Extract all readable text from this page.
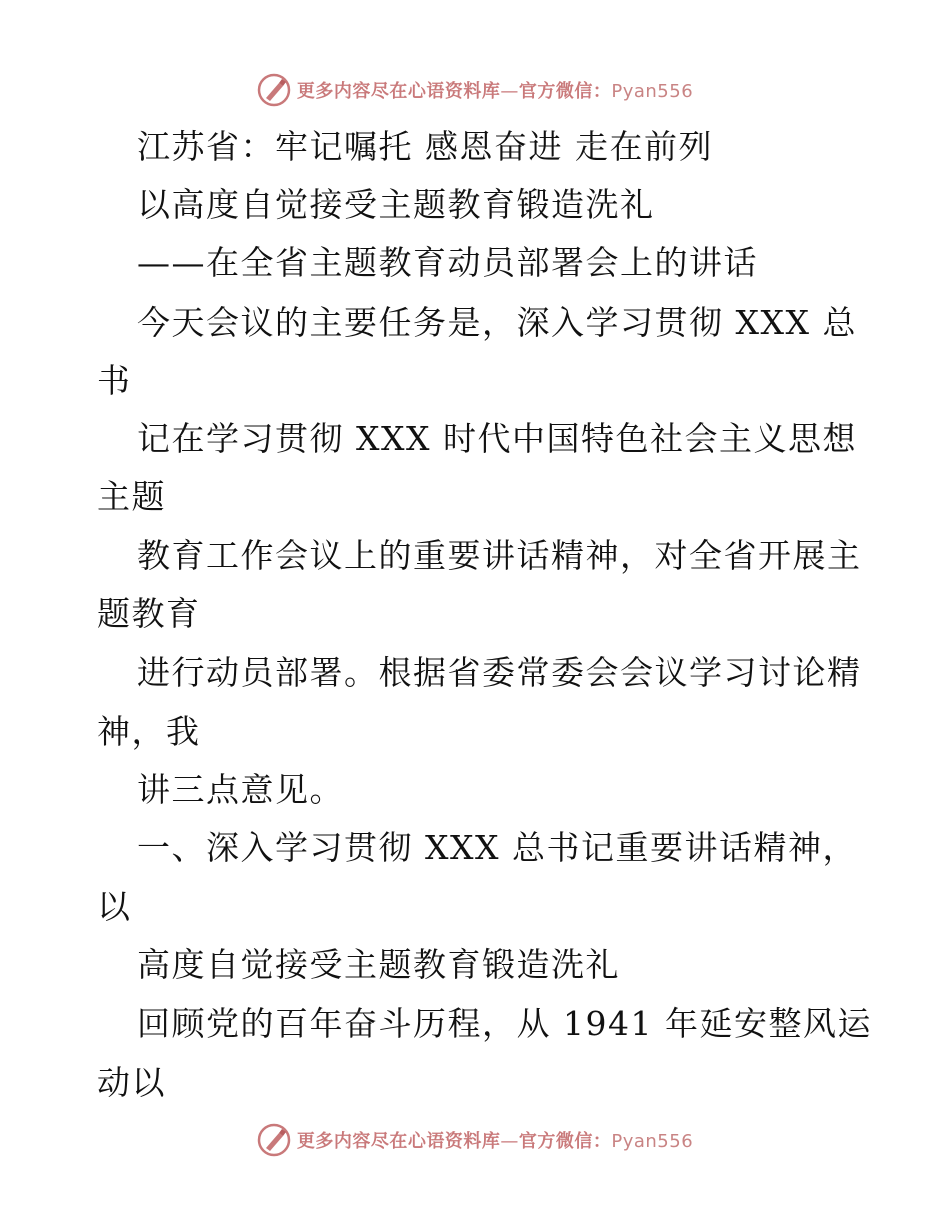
更多内容尽在心语资料库—官方微信：Pyan556
江苏省：牢记嘱托 感恩奋进 走在前列
以高度自觉接受主题教育锻造洗礼
——在全省主题教育动员部署会上的讲话
今天会议的主要任务是，深入学习贯彻 XXX 总
书
记在学习贯彻 XXX 时代中国特色社会主义思想
主题
教育工作会议上的重要讲话精神，对全省开展主
题教育
进行动员部署。根据省委常委会会议学习讨论精
神，我
讲三点意见。
一、深入学习贯彻 XXX 总书记重要讲话精神，
以
高度自觉接受主题教育锻造洗礼
回顾党的百年奋斗历程，从 1941 年延安整风运
动以
更多内容尽在心语资料库—官方微信：Pyan556
